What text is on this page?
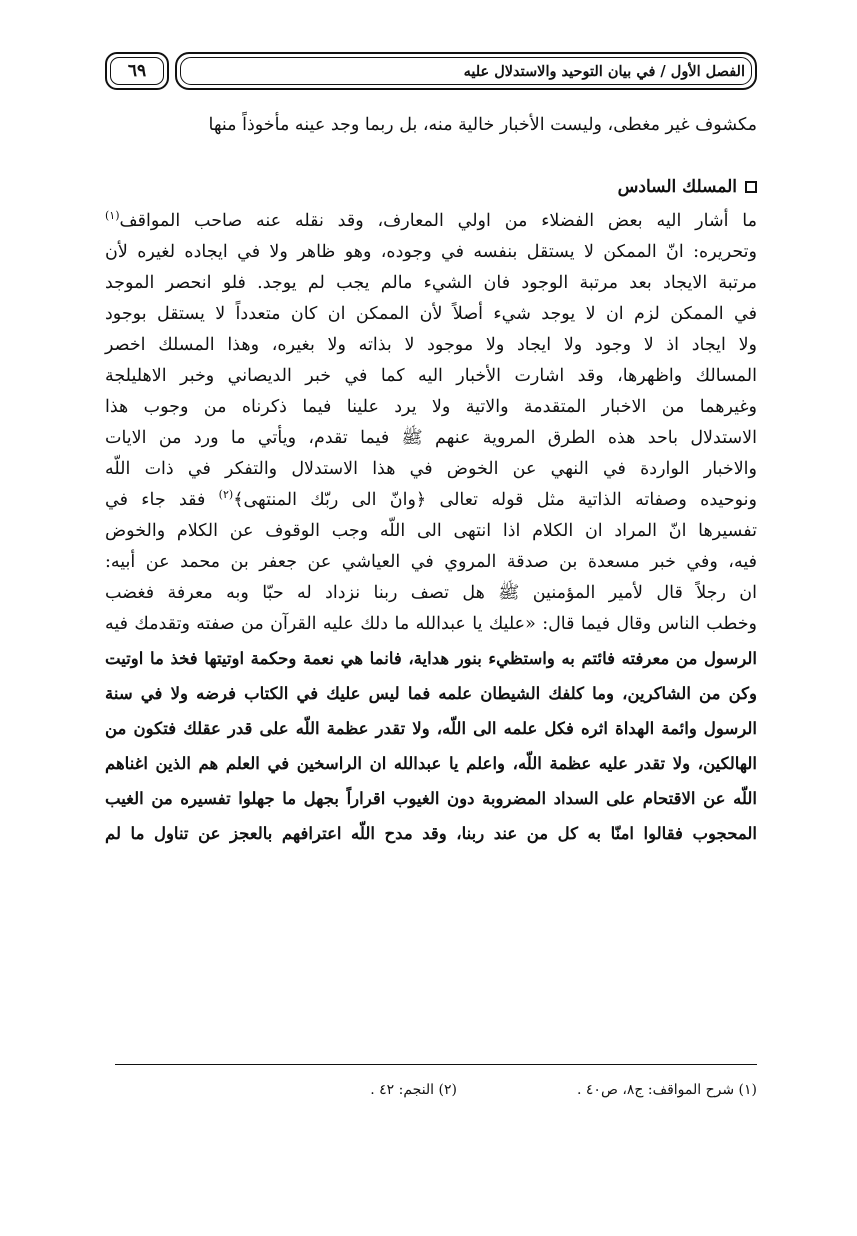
٦٩	الفصل الأول / في بيان التوحيد والاستدلال عليه
مكشوف غير مغطى، وليست الأخبار خالية منه، بل ربما وجد عينه مأخوذاً منها
المسلك السادس
ما أشار اليه بعض الفضلاء من اولي المعارف، وقد نقله عنه صاحب المواقف$^{(١)}$
وتحريره: انّ الممكن لا يستقل بنفسه في وجوده، وهو ظاهر ولا في ايجاده لغيره لأن
مرتبة الايجاد بعد مرتبة الوجود فان الشيء مالم يجب لم يوجد. فلو انحصر الموجد
في الممكن لزم ان لا يوجد شيء أصلاً لأن الممكن ان كان متعدداً لا يستقل بوجود
ولا ايجاد اذ لا وجود ولا ايجاد ولا موجود لا بذاته ولا بغيره، وهذا المسلك اخصر
المسالك واظهرها، وقد اشارت الأخبار اليه كما في خبر الديصاني وخبر الاهليلجة
وغيرهما من الاخبار المتقدمة والاتية ولا يرد علينا فيما ذكرناه من وجوب هذا
الاستدلال باحد هذه الطرق المروية عنهم ﷺ فيما تقدم، ويأتي ما ورد من الايات
والاخبار الواردة في النهي عن الخوض في هذا الاستدلال والتفكر في ذات اللّه
ونوحيده وصفاته الذاتية مثل قوله تعالى ﴿وانّ الى ربّك المنتهى﴾$^{(٢)}$ فقد جاء في
تفسيرها انّ المراد ان الكلام اذا انتهى الى اللّه وجب الوقوف عن الكلام والخوض
فيه، وفي خبر مسعدة بن صدقة المروي في العياشي عن جعفر بن محمد عن أبيه:
ان رجلاً قال لأمير المؤمنين ﷺ هل تصف ربنا نزداد له حبّا وبه معرفة فغضب
وخطب الناس وقال فيما قال: «عليك يا عبدالله ما دلك عليه القرآن من صفته وتقدمك فيه
الرسول من معرفته فائتم به واستظيء بنور هداية، فانما هي نعمة وحكمة اوتيتها فخذ ما اوتيت
وكن من الشاكرين، وما كلفك الشيطان علمه فما ليس عليك في الكتاب فرضه ولا في سنة
الرسول وائمة الهداة اثره فكل علمه الى اللّه، ولا تقدر عظمة اللّه على قدر عقلك فتكون من
الهالكين، ولا تقدر عليه عظمة اللّه، واعلم يا عبدالله ان الراسخين في العلم هم الذين اغناهم
اللّه عن الاقتحام على السداد المضروبة دون الغيوب اقراراً بجهل ما جهلوا تفسيره من الغيب
المحجوب فقالوا امنّا به كل من عند ربنا، وقد مدح اللّه اعترافهم بالعجز عن تناول ما لم
(١) شرح المواقف: ج٨، ص٤٠ .
(٢) النجم: ٤٢ .
